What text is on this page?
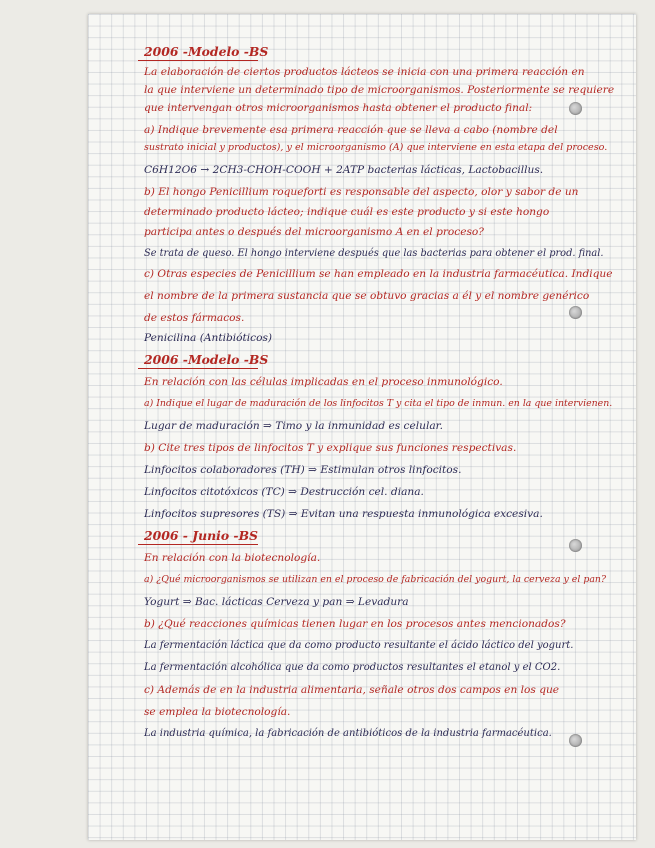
2006 -Modelo -BS
La elaboración de ciertos productos lácteos se inicia con una primera reacción en
la que interviene un determinado tipo de microorganismos. Posteriormente se requiere
que intervengan otros microorganismos hasta obtener el producto final:
a) Indique brevemente esa primera reacción que se lleva a cabo (nombre del
sustrato inicial y productos), y el microorganismo (A) que interviene en esta etapa del proceso.
C6H12O6 → 2CH3-CHOH-COOH + 2ATP bacterias lácticas, Lactobacillus.
b) El hongo Penicillium roqueforti es responsable del aspecto, olor y sabor de un
determinado producto lácteo; indique cuál es este producto y si este hongo
participa antes o después del microorganismo A en el proceso?
Se trata de queso. El hongo interviene después que las bacterias para obtener el prod. final.
c) Otras especies de Penicillium se han empleado en la industria farmacéutica. Indique
el nombre de la primera sustancia que se obtuvo gracias a él y el nombre genérico
de estos fármacos.
Penicilina (Antibióticos)
2006 -Modelo -BS
En relación con las células implicadas en el proceso inmunológico.
a) Indique el lugar de maduración de los linfocitos T y cita el tipo de inmun. en la que intervienen.
Lugar de maduración ⇒ Timo y la inmunidad es celular.
b) Cite tres tipos de linfocitos T y explique sus funciones respectivas.
Linfocitos colaboradores (TH) ⇒ Estimulan otros linfocitos.
Linfocitos citotóxicos (TC) ⇒ Destrucción cel. diana.
Linfocitos supresores (TS) ⇒ Evitan una respuesta inmunológica excesiva.
2006 - Junio -BS
En relación con la biotecnología.
a) ¿Qué microorganismos se utilizan en el proceso de fabricación del yogurt, la cerveza y el pan?
Yogurt ⇒ Bac. lácticas Cerveza y pan ⇒ Levadura
b) ¿Qué reacciones químicas tienen lugar en los procesos antes mencionados?
La fermentación láctica que da como producto resultante el ácido láctico del yogurt.
La fermentación alcohólica que da como productos resultantes el etanol y el CO2.
c) Además de en la industria alimentaria, señale otros dos campos en los que
se emplea la biotecnología.
La industria química, la fabricación de antibióticos de la industria farmacéutica.
